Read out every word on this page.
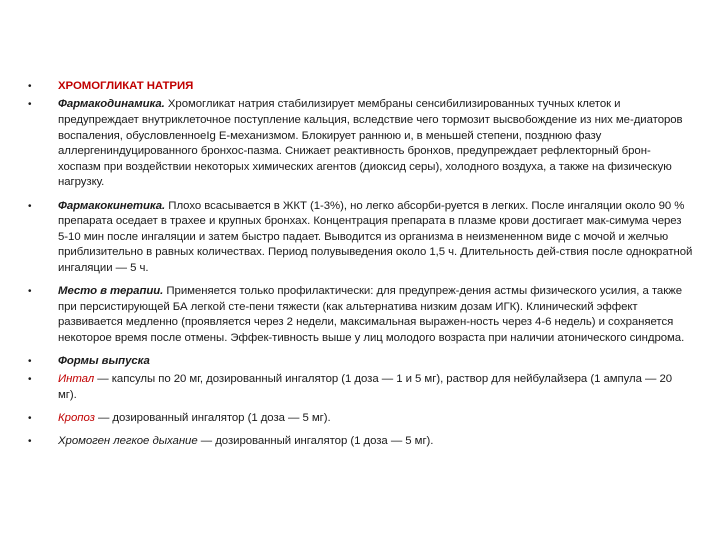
• ХРОМОГЛИКАТ НАТРИЯ
• Фармакодинамика. Хромогликат натрия стабилизирует мембраны сенсибилизированных тучных клеток и предупреждает внутриклеточное поступление кальция, вследствие чего тормозит высвобождение из них ме-диаторов воспаления, обусловленноеIg Е-механизмом. Блокирует раннюю и, в меньшей степени, позднюю фазу аллергениндуцированного бронхос-пазма. Снижает реактивность бронхов, предупреждает рефлекторный брон-хоспазм при воздействии некоторых химических агентов (диоксид серы), холодного воздуха, а также на физическую нагрузку.
• Фармакокинетика. Плохо всасывается в ЖКТ (1-3%), но легко абсорби-руется в легких. После ингаляции около 90 % препарата оседает в трахее и крупных бронхах. Концентрация препарата в плазме крови достигает мак-симума через 5-10 мин после ингаляции и затем быстро падает. Выводится из организма в неизмененном виде с мочой и желчью приблизительно в равных количествах. Период полувыведения около 1,5 ч. Длительность дей-ствия после однократной ингаляции — 5 ч.
• Место в терапии. Применяется только профилактически: для предупреж-дения астмы физического усилия, а также при персистирующей БА легкой сте-пени тяжести (как альтернатива низким дозам ИГК). Клинический эффект развивается медленно (проявляется через 2 недели, максимальная выражен-ность через 4-6 недель) и сохраняется некоторое время после отмены. Эффек-тивность выше у лиц молодого возраста при наличии атонического синдрома.
• Формы выпуска
• Интал — капсулы по 20 мг, дозированный ингалятор (1 доза — 1 и 5 мг), раствор для нейбулайзера (1 ампула — 20 мг).
• Кропоз — дозированный ингалятор (1 доза — 5 мг).
• Хромоген легкое дыхание — дозированный ингалятор (1 доза — 5 мг).
